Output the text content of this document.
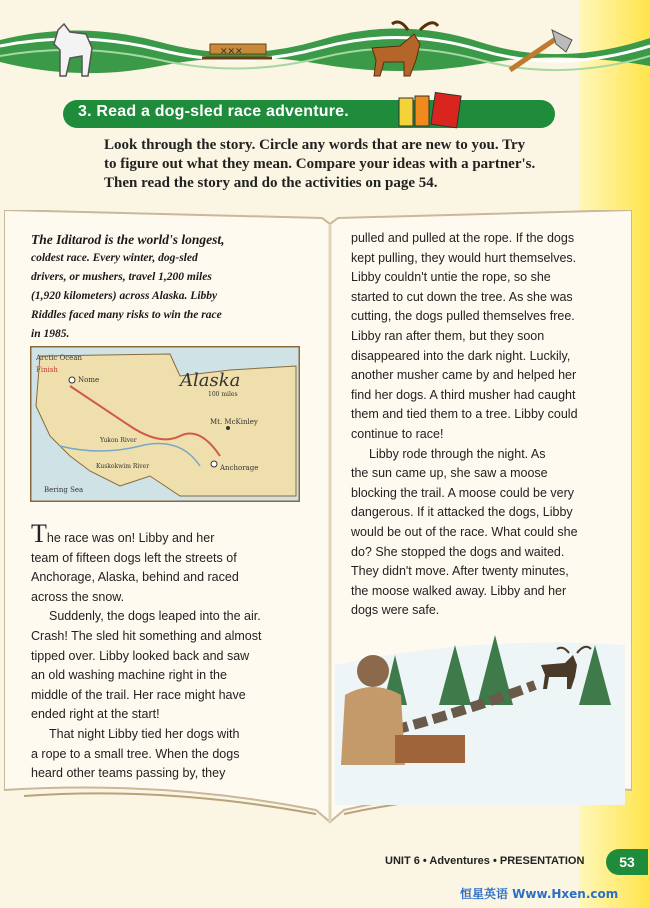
✕✕✕
3. Read a dog-sled race adventure.

Look through the story. Circle any words that are new to you. Try

to figure out what they mean. Compare your ideas with a partner's.

Then read the story and do the activities on page 54.

The Iditarod is the world's longest,
coldest race. Every winter, dog-sled
drivers, or mushers, travel 1,200 miles
(1,920 kilometers) across Alaska. Libby
Riddles faced many risks to win the race
in 1985.
Arctic Ocean
Finish
Nome	Alaska
100 miles
Mt. McKinley
Anchorage
Bering Sea
Yukon River
Kuskokwim River

The race was on! Libby and her

team of fifteen dogs left the streets of

Anchorage, Alaska, behind and raced

across the snow.

Suddenly, the dogs leaped into the air.

Crash! The sled hit something and almost

tipped over. Libby looked back and saw

an old washing machine right in the

middle of the trail. Her race might have

ended right at the start!

That night Libby tied her dogs with

a rope to a small tree. When the dogs

heard other teams passing by, they

pulled and pulled at the rope. If the dogs

kept pulling, they would hurt themselves.

Libby couldn't untie the rope, so she

started to cut down the tree. As she was

cutting, the dogs pulled themselves free.

Libby ran after them, but they soon

disappeared into the dark night. Luckily,

another musher came by and helped her

find her dogs. A third musher had caught

them and tied them to a tree. Libby could

continue to race!

Libby rode through the night. As

the sun came up, she saw a moose

blocking the trail. A moose could be very

dangerous. If it attacked the dogs, Libby

would be out of the race. What could she

do? She stopped the dogs and waited.

They didn't move. After twenty minutes,

the moose walked away. Libby and her

dogs were safe.

UNIT 6 • Adventures • PRESENTATION	53
恒星英语 Www.Hxen.com
